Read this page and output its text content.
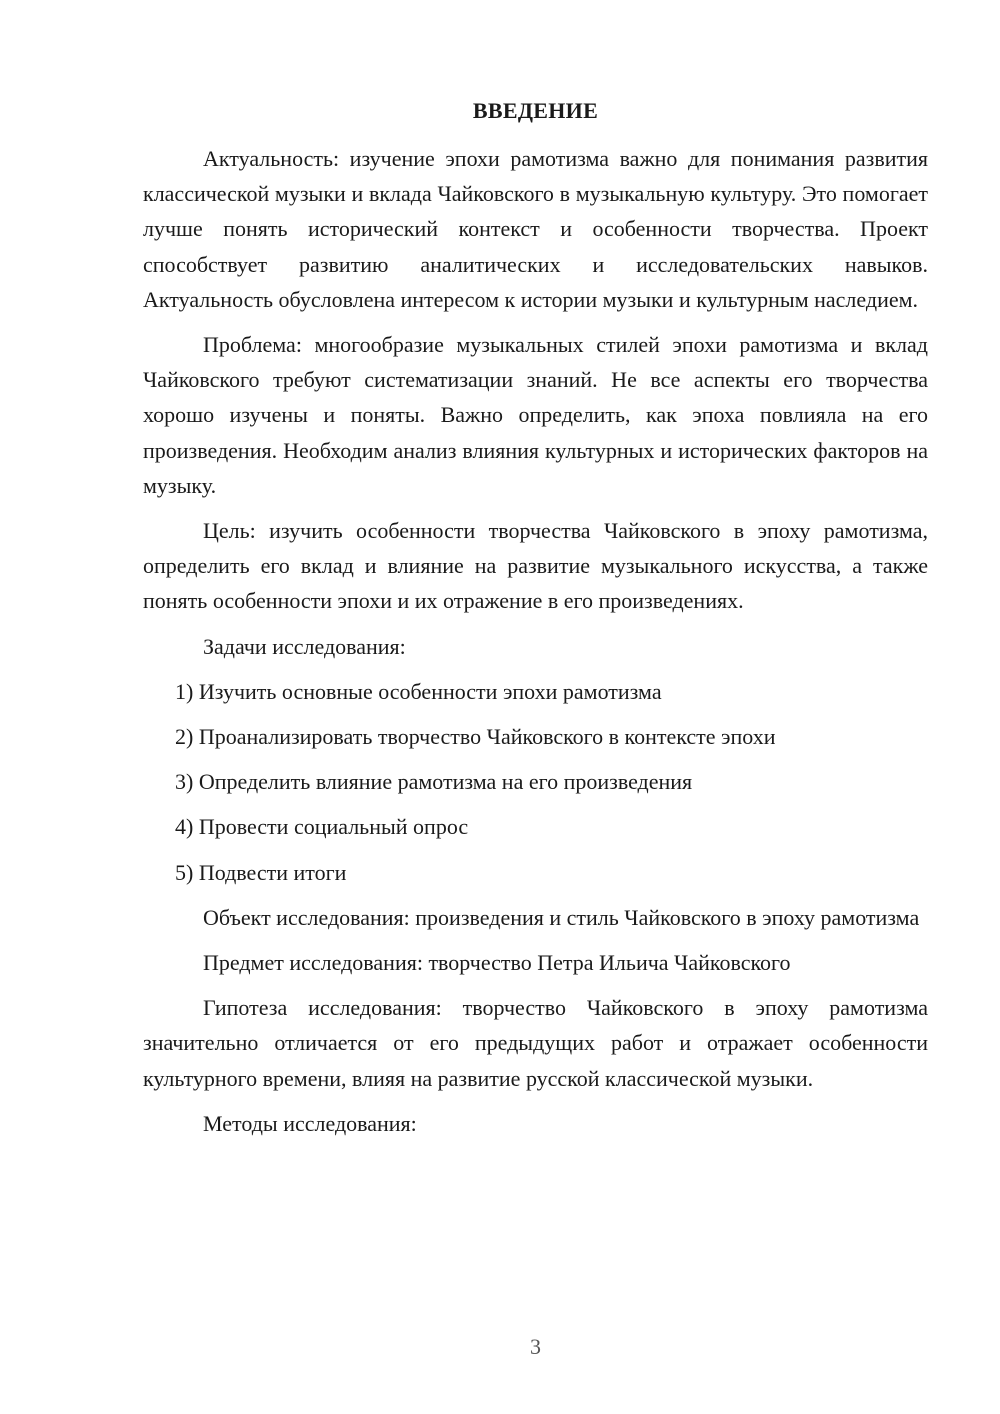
ВВЕДЕНИЕ

Актуальность: изучение эпохи рамотизма важно для понимания развития классической музыки и вклада Чайковского в музыкальную культуру. Это помогает лучше понять исторический контекст и особенности творчества. Проект способствует развитию аналитических и исследовательских навыков. Актуальность обусловлена интересом к истории музыки и культурным наследием.

Проблема: многообразие музыкальных стилей эпохи рамотизма и вклад Чайковского требуют систематизации знаний. Не все аспекты его творчества хорошо изучены и поняты. Важно определить, как эпоха повлияла на его произведения. Необходим анализ влияния культурных и исторических факторов на музыку.

Цель: изучить особенности творчества Чайковского в эпоху рамотизма, определить его вклад и влияние на развитие музыкального искусства, а также понять особенности эпохи и их отражение в его произведениях.

Задачи исследования:

1) Изучить основные особенности эпохи рамотизма

2) Проанализировать творчество Чайковского в контексте эпохи

3) Определить влияние рамотизма на его произведения

4) Провести социальный опрос

5) Подвести итоги

Объект исследования: произведения и стиль Чайковского в эпоху рамотизма

Предмет исследования: творчество Петра Ильича Чайковского

Гипотеза исследования: творчество Чайковского в эпоху рамотизма значительно отличается от его предыдущих работ и отражает особенности культурного времени, влияя на развитие русской классической музыки.

Методы исследования:

3
